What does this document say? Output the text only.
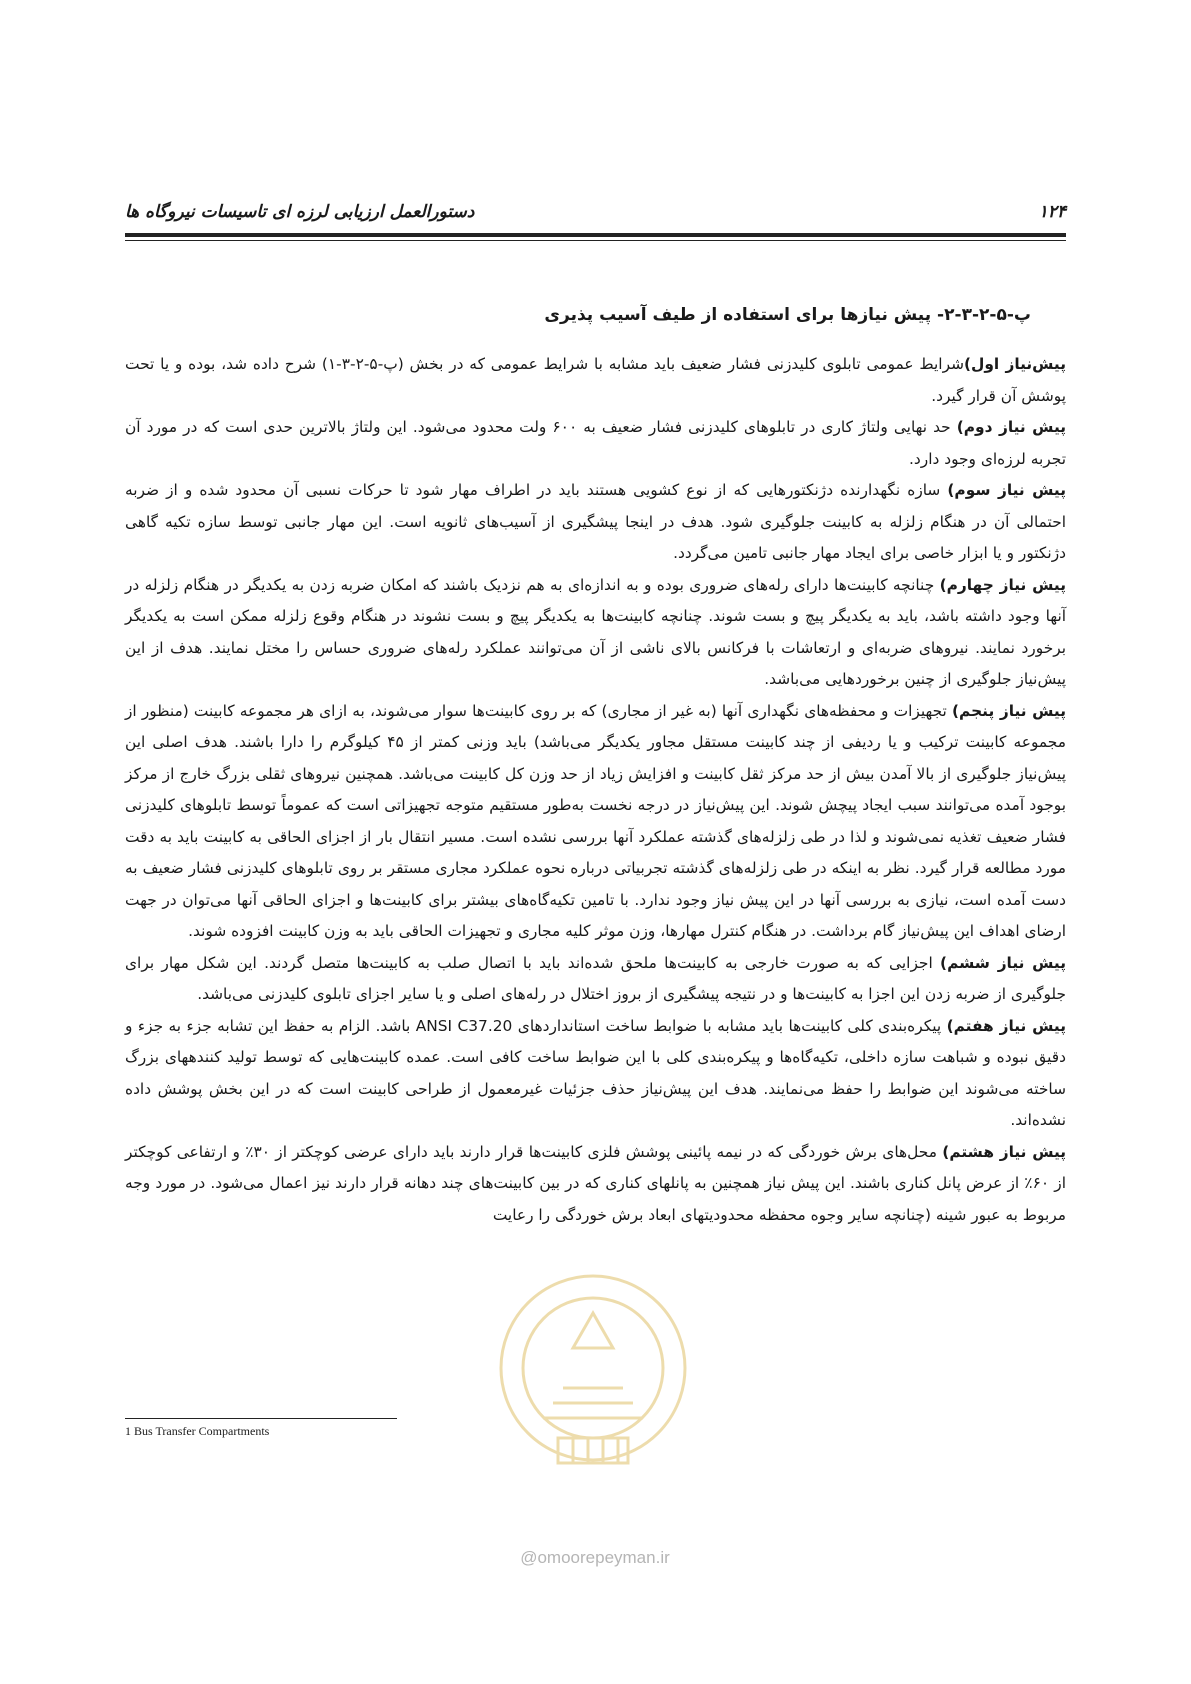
۱۲۴
دستورالعمل ارزیابی لرزه ای تاسیسات نیروگاه ها
پ-۵-۲-۳-۲- پیش نیازها برای استفاده از طیف آسیب پذیری

پیش‌نیاز اول)شرایط عمومی تابلوی کلیدزنی فشار ضعیف باید مشابه با شرایط عمومی که در بخش (پ-۵-۲-۳-۱) شرح داده شد، بوده و یا تحت پوشش آن قرار گیرد.

پیش نیاز دوم) حد نهایی ولتاژ کاری در تابلوهای کلیدزنی فشار ضعیف به ۶۰۰ ولت محدود می‌شود. این ولتاژ بالاترین حدی است که در مورد آن تجربه لرزه‌ای وجود دارد.

پیش نیاز سوم) سازه نگهدارنده دژنکتورهایی که از نوع کشویی هستند باید در اطراف مهار شود تا حرکات نسبی آن محدود شده و از ضربه احتمالی آن در هنگام زلزله به کابینت جلوگیری شود. هدف در اینجا پیشگیری از آسیب‌های ثانویه است. این مهار جانبی توسط سازه تکیه گاهی دژنکتور و یا ابزار خاصی برای ایجاد مهار جانبی تامین می‌گردد.

پیش نیاز چهارم) چنانچه کابینت‌ها دارای رله‌های ضروری بوده و به اندازه‌ای به هم نزدیک باشند که امکان ضربه زدن به یکدیگر در هنگام زلزله در آنها وجود داشته باشد، باید به یکدیگر پیچ و بست شوند. چنانچه کابینت‌ها به یکدیگر پیچ و بست نشوند در هنگام وقوع زلزله ممکن است به یکدیگر برخورد نمایند. نیروهای ضربه‌ای و ارتعاشات با فرکانس بالای ناشی از آن می‌توانند عملکرد رله‌های ضروری حساس را مختل نمایند. هدف از این پیش‌نیاز جلوگیری از چنین برخوردهایی می‌باشد.

پیش نیاز پنجم) تجهیزات و محفظه‌های نگهداری آنها (به غیر از مجاری) که بر روی کابینت‌ها سوار می‌شوند، به ازای هر مجموعه کابینت (منظور از مجموعه کابینت ترکیب و یا ردیفی از چند کابینت مستقل مجاور یکدیگر می‌باشد) باید وزنی کمتر از ۴۵ کیلوگرم را دارا باشند. هدف اصلی این پیش‌نیاز جلوگیری از بالا آمدن بیش از حد مرکز ثقل کابینت و افزایش زیاد از حد وزن کل کابینت می‌باشد. همچنین نیروهای ثقلی بزرگ خارج از مرکز بوجود آمده می‌توانند سبب ایجاد پیچش شوند. این پیش‌نیاز در درجه نخست به‌طور مستقیم متوجه تجهیزاتی است که عموماً توسط تابلوهای کلیدزنی فشار ضعیف تغذیه نمی‌شوند و لذا در طی زلزله‌های گذشته عملکرد آنها بررسی نشده است. مسیر انتقال بار از اجزای الحاقی به کابینت باید به دقت مورد مطالعه قرار گیرد. نظر به اینکه در طی زلزله‌های گذشته تجربیاتی درباره نحوه عملکرد مجاری مستقر بر روی تابلوهای کلیدزنی فشار ضعیف به دست آمده است، نیازی به بررسی آنها در این پیش نیاز وجود ندارد. با تامین تکیه‌گاه‌های بیشتر برای کابینت‌ها و اجزای الحاقی آنها می‌توان در جهت ارضای اهداف این پیش‌نیاز گام برداشت. در هنگام کنترل مهارها، وزن موثر کلیه مجاری و تجهیزات الحاقی باید به وزن کابینت افزوده شوند.

پیش نیاز ششم) اجزایی که به صورت خارجی به کابینت‌ها ملحق شده‌اند باید با اتصال صلب به کابینت‌ها متصل گردند. این شکل مهار برای جلوگیری از ضربه زدن این اجزا به کابینت‌ها و در نتیجه پیشگیری از بروز اختلال در رله‌های اصلی و یا سایر اجزای تابلوی کلیدزنی می‌باشد.

پیش نیاز هفتم) پیکره‌بندی کلی کابینت‌ها باید مشابه با ضوابط ساخت استانداردهای ANSI C37.20 باشد. الزام به حفظ این تشابه جزء به جزء و دقیق نبوده و شباهت سازه داخلی، تکیه‌گاه‌ها و پیکره‌بندی کلی با این ضوابط ساخت کافی است. عمده کابینت‌هایی که توسط تولید کنندههای بزرگ ساخته می‌شوند این ضوابط را حفظ می‌نمایند. هدف این پیش‌نیاز حذف جزئیات غیرمعمول از طراحی کابینت است که در این بخش پوشش داده نشده‌اند.

پیش نیاز هشتم) محل‌های برش خوردگی که در نیمه پائینی پوشش فلزی کابینت‌ها قرار دارند باید دارای عرضی کوچکتر از ۳۰٪ و ارتفاعی کوچکتر از ۶۰٪ از عرض پانل کناری باشند. این پیش نیاز همچنین به پانلهای کناری که در بین کابینت‌های چند دهانه قرار دارند نیز اعمال می‌شود. در مورد وجه مربوط به عبور شینه (چنانچه سایر وجوه محفظه محدودیتهای ابعاد برش خوردگی را رعایت

1 Bus Transfer Compartments
@omoorepeyman.ir
